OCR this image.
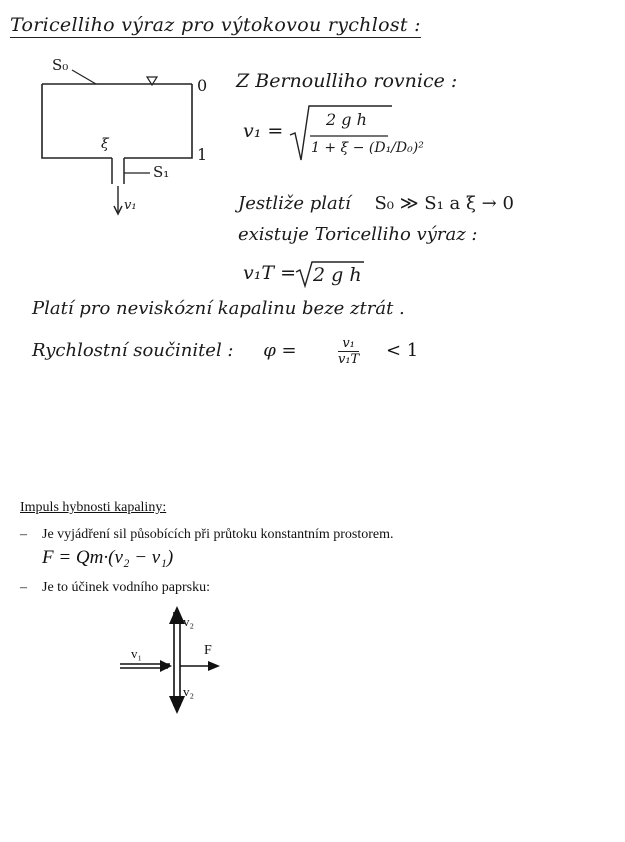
Toricelliho výraz pro výtokovou rychlost :
S₀
ξ
S₁
0
1
v₁
Z Bernoulliho rovnice :
v₁ =
2 g h
1 + ξ − (D₁/D₀)²
Jestliže platí S₀ ≫ S₁ a ξ → 0
existuje Toricelliho výraz :
v₁T = 2 g h
Platí pro neviskózní kapalinu beze ztrát .
Rychlostní součinitel : φ =	$\frac{\text{v₁}}{\text{v₁T}} < 1$
Impuls hybnosti kapaliny:
– Je vyjádření sil působících při průtoku konstantním prostorem.
F = Qm·(v₂ − v₁)
– Je to účinek vodního paprsku:
v₁
v₂
v₂
F
